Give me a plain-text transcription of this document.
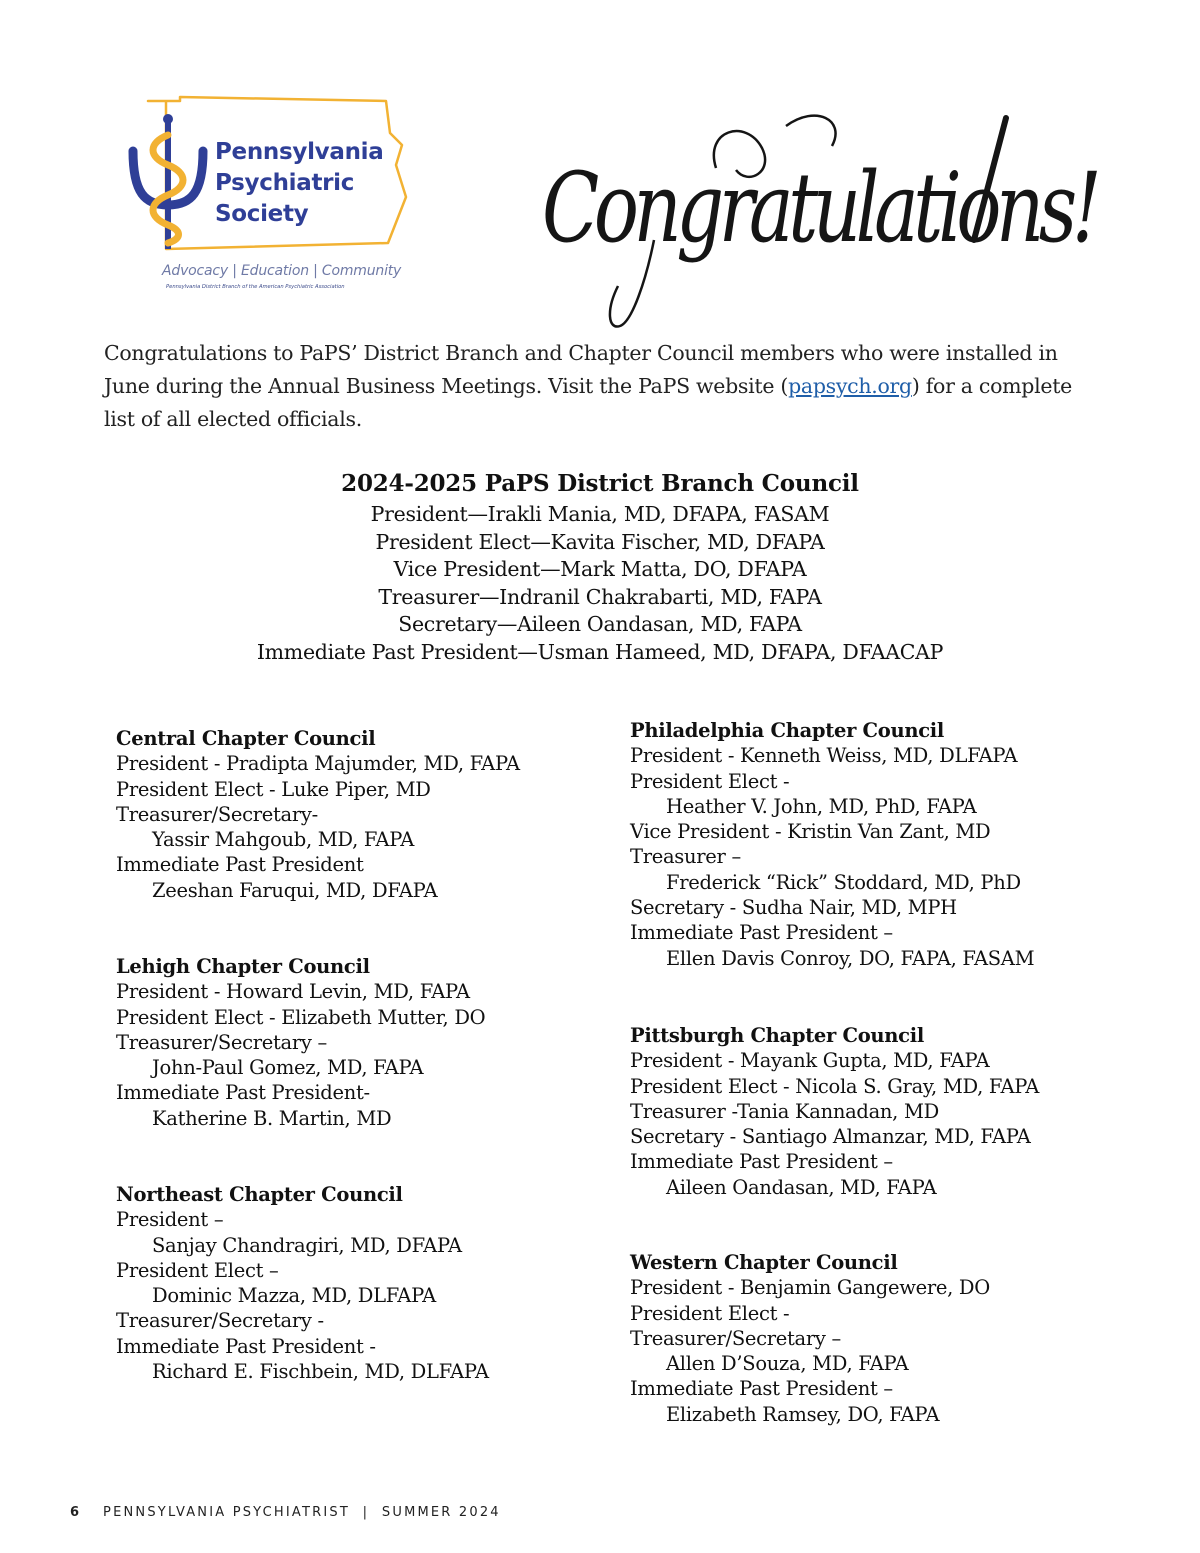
Pennsylvania
Psychiatric
Society
Advocacy | Education | Community
Pennsylvania District Branch of the American Psychiatric Association
Congratulations!
Congratulations to PaPS’ District Branch and Chapter Council members who were installed in June during the Annual Business Meetings. Visit the PaPS website (papsych.org) for a complete list of all elected officials.
2024-2025 PaPS District Branch Council
President—Irakli Mania, MD, DFAPA, FASAM
President Elect—Kavita Fischer, MD, DFAPA
Vice President—Mark Matta, DO, DFAPA
Treasurer—Indranil Chakrabarti, MD, FAPA
Secretary—Aileen Oandasan, MD, FAPA
Immediate Past President—Usman Hameed, MD, DFAPA, DFAACAP
Central Chapter Council
President - Pradipta Majumder, MD, FAPA
President Elect - Luke Piper, MD
Treasurer/Secretary-
Yassir Mahgoub, MD, FAPA
Immediate Past President
Zeeshan Faruqui, MD, DFAPA
Lehigh Chapter Council
President - Howard Levin, MD, FAPA
President Elect - Elizabeth Mutter, DO
Treasurer/Secretary –
John-Paul Gomez, MD, FAPA
Immediate Past President-
Katherine B. Martin, MD
Northeast Chapter Council
President –
Sanjay Chandragiri, MD, DFAPA
President Elect –
Dominic Mazza, MD, DLFAPA
Treasurer/Secretary -
Immediate Past President -
Richard E. Fischbein, MD, DLFAPA
Philadelphia Chapter Council
President - Kenneth Weiss, MD, DLFAPA
President Elect -
Heather V. John, MD, PhD, FAPA
Vice President - Kristin Van Zant, MD
Treasurer –
Frederick “Rick” Stoddard, MD, PhD
Secretary - Sudha Nair, MD, MPH
Immediate Past President –
Ellen Davis Conroy, DO, FAPA, FASAM
Pittsburgh Chapter Council
President - Mayank Gupta, MD, FAPA
President Elect - Nicola S. Gray, MD, FAPA
Treasurer -Tania Kannadan, MD
Secretary - Santiago Almanzar, MD, FAPA
Immediate Past President –
Aileen Oandasan, MD, FAPA
Western Chapter Council
President - Benjamin Gangewere, DO
President Elect -
Treasurer/Secretary –
Allen D’Souza, MD, FAPA
Immediate Past President –
Elizabeth Ramsey, DO, FAPA
6 PENNSYLVANIA PSYCHIATRIST  |  SUMMER 2024
